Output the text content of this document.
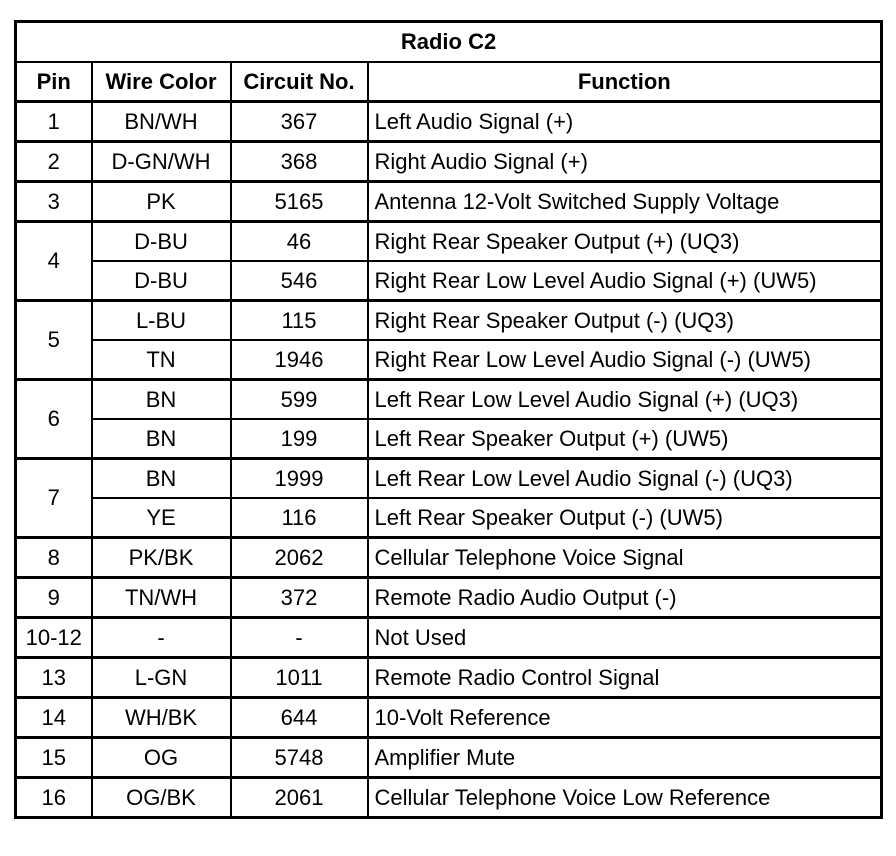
Radio C2			
Pin	Wire Color	Circuit No.	Function
1	BN/WH	367	Left Audio Signal (+)
2	D-GN/WH	368	Right Audio Signal (+)
3	PK	5165	Antenna 12-Volt Switched Supply Voltage
4	D-BU	46	Right Rear Speaker Output (+) (UQ3)
	D-BU	546	Right Rear Low Level Audio Signal (+) (UW5)
5	L-BU	115	Right Rear Speaker Output (-) (UQ3)
	TN	1946	Right Rear Low Level Audio Signal (-) (UW5)
6	BN	599	Left Rear Low Level Audio Signal (+) (UQ3)
	BN	199	Left Rear Speaker Output (+) (UW5)
7	BN	1999	Left Rear Low Level Audio Signal (-) (UQ3)
	YE	116	Left Rear Speaker Output (-) (UW5)
8	PK/BK	2062	Cellular Telephone Voice Signal
9	TN/WH	372	Remote Radio Audio Output (-)
10-12	-	-	Not Used
13	L-GN	1011	Remote Radio Control Signal
14	WH/BK	644	10-Volt Reference
15	OG	5748	Amplifier Mute
16	OG/BK	2061	Cellular Telephone Voice Low Reference
